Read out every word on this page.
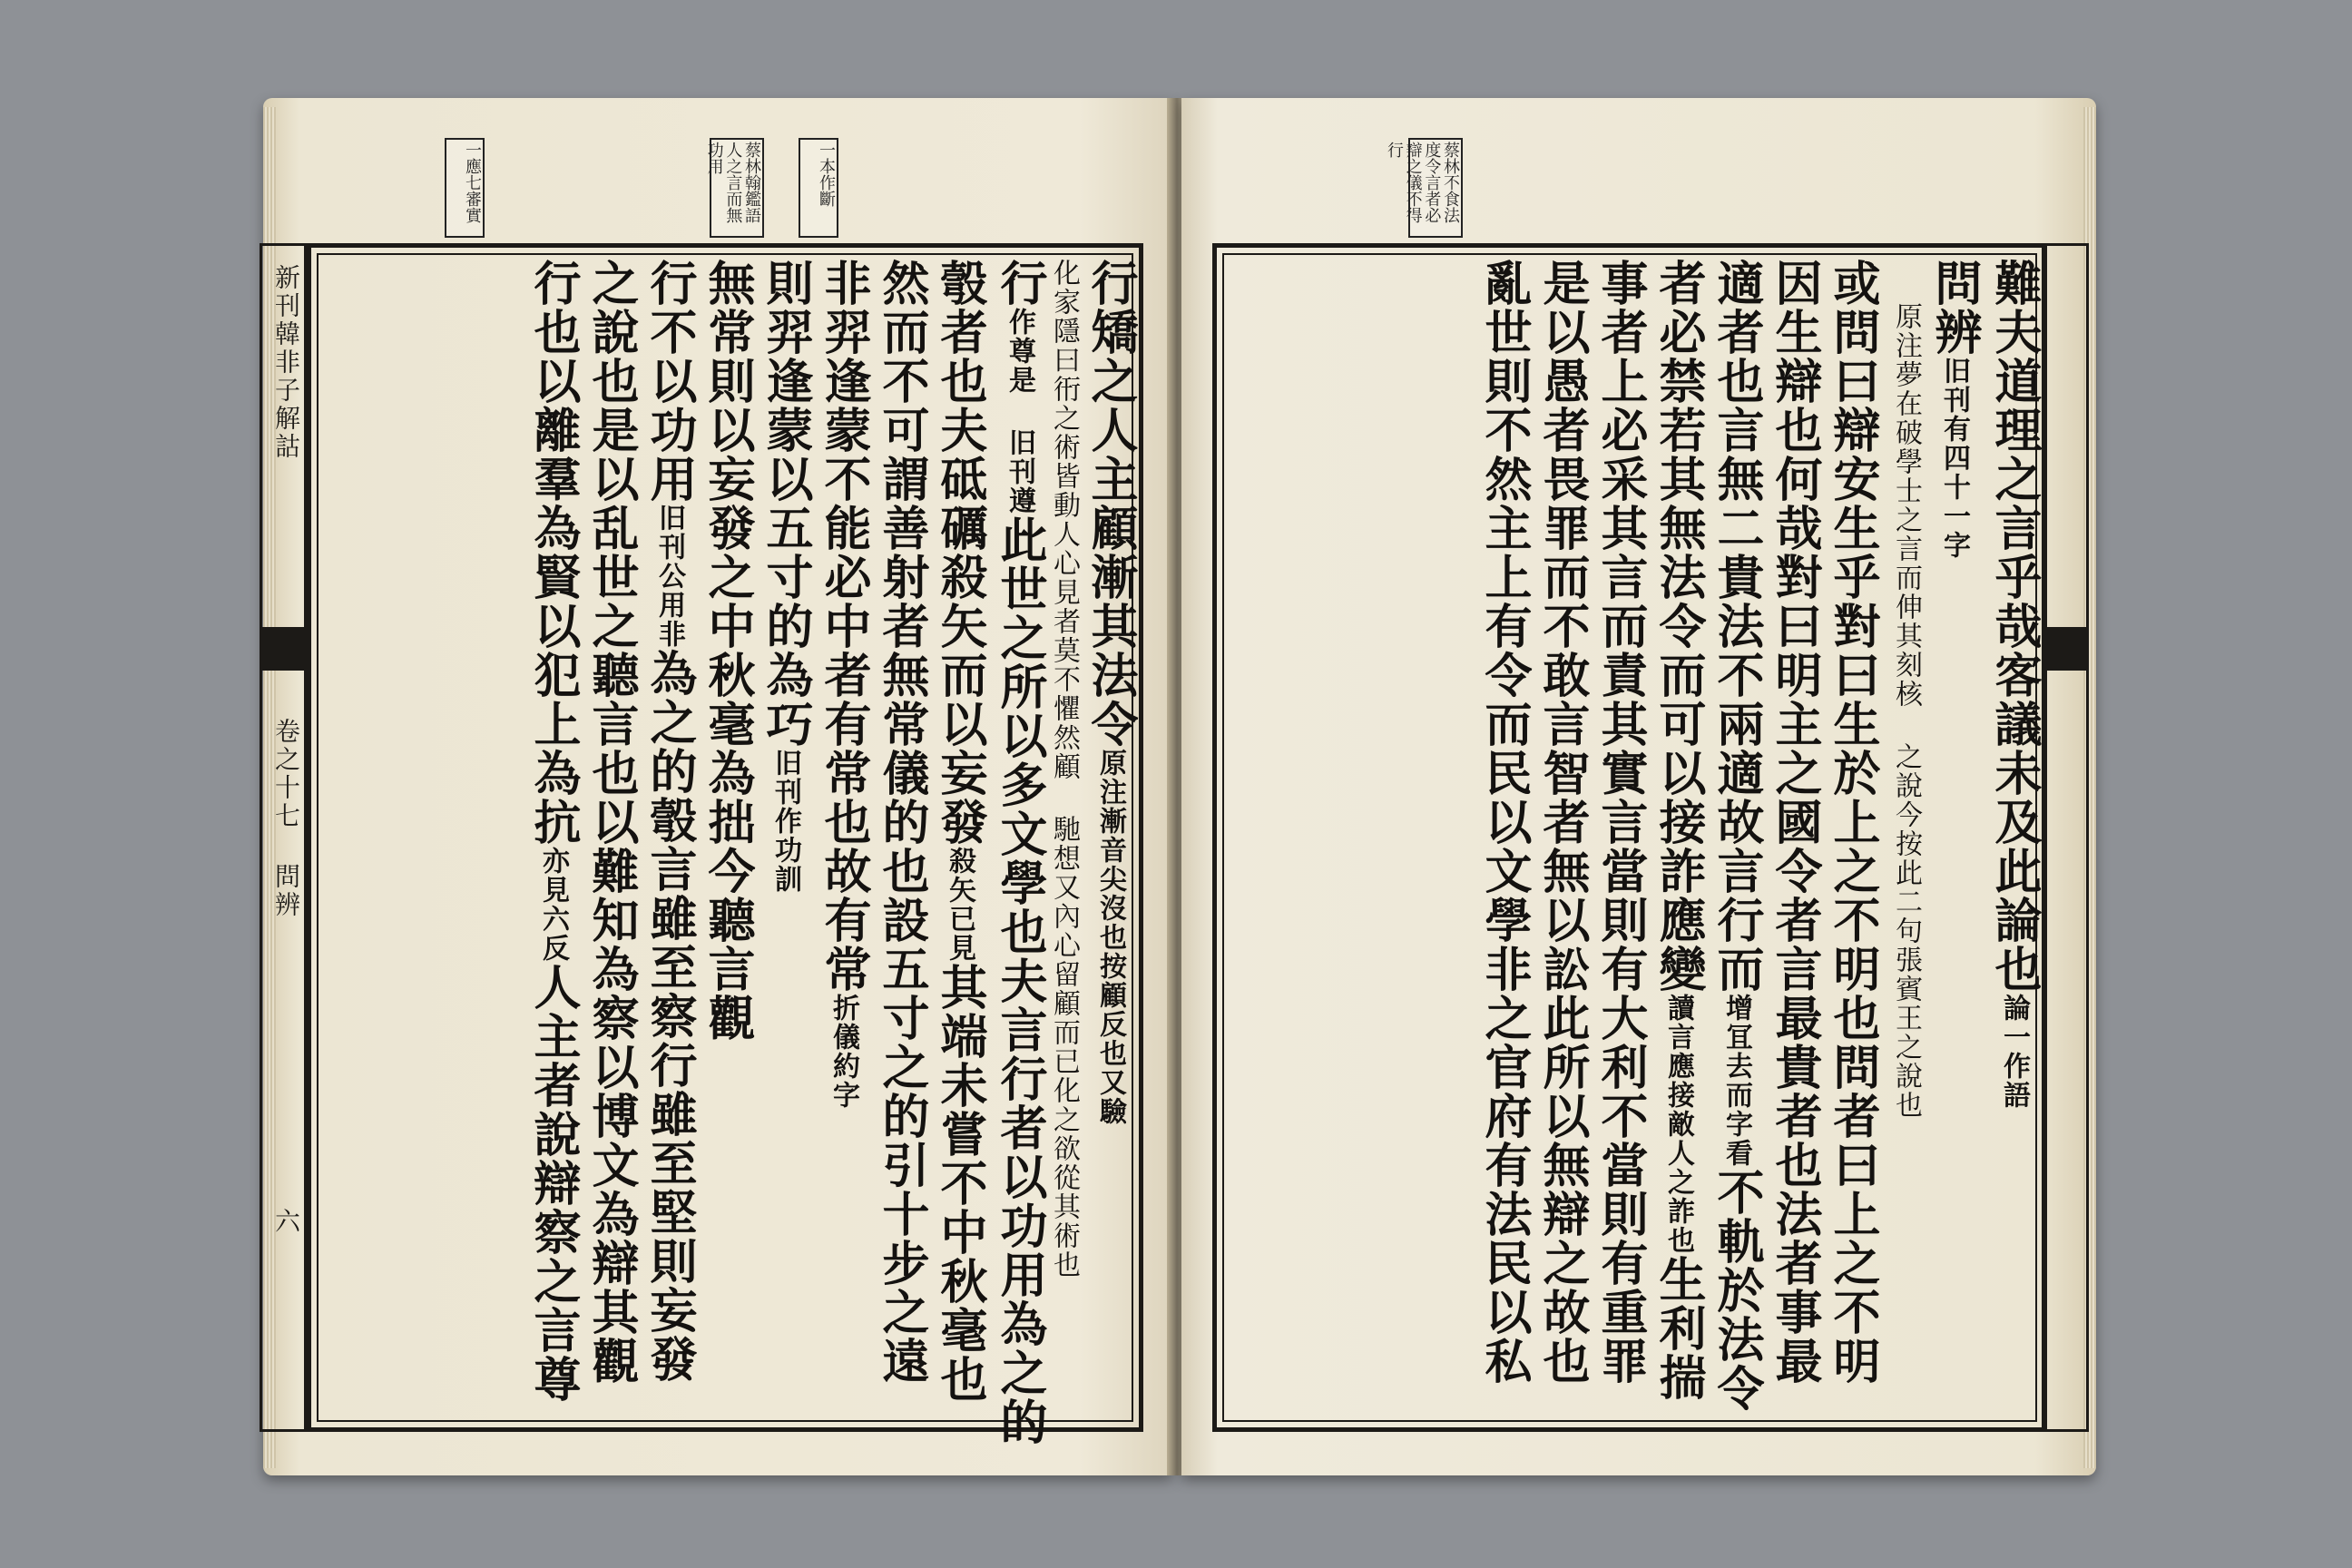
一本作斷
蔡林翰鑑語人之言而無功用
一應七審實
新刊韓非子解詁
卷之十七 問辨
六
行矯之人主顧漸其法令原注漸音尖沒也按顧反也又驗
化家隱曰衎之術皆動人心見者莫不懼然顧 馳想又內心留顧而已化之欲從其術也
行作尊是 旧刊遵此世之所以多文學也夫言行者以功用為之的
彀者也夫砥礪殺矢而以妄發殺矢已見其端未嘗不中秋毫也
然而不可謂善射者無常儀的也設五寸之的引十步之遠
非羿逢蒙不能必中者有常也故有常折儀約字
則羿逢蒙以五寸的為巧旧刊作功訓
無常則以妄發之中秋毫為拙今聽言觀
行不以功用旧刊公用非為之的彀言雖至察行雖至堅則妄發
之說也是以乱世之聽言也以難知為察以博文為辯其觀
行也以離羣為賢以犯上為抗亦見六反人主者說辯察之言尊
蔡林不食法度令言者必辯之儀不得行
難夫道理之言乎哉客議未及此論也論一作語
問辨旧刊有四十一字
原注夢在破學士之言而伸其刻核 之說今按此二句張賓王之說也
或問曰辯安生乎對曰生於上之不明也問者曰上之不明
因生辯也何哉對曰明主之國令者言最貴者也法者事最
適者也言無二貴法不兩適故言行而增冝去而字看不軌於法令
者必禁若其無法令而可以接詐應變讀言應接敵人之詐也生利揣
事者上必采其言而責其實言當則有大利不當則有重罪
是以愚者畏罪而不敢言智者無以訟此所以無辯之故也
亂世則不然主上有令而民以文學非之官府有法民以私
